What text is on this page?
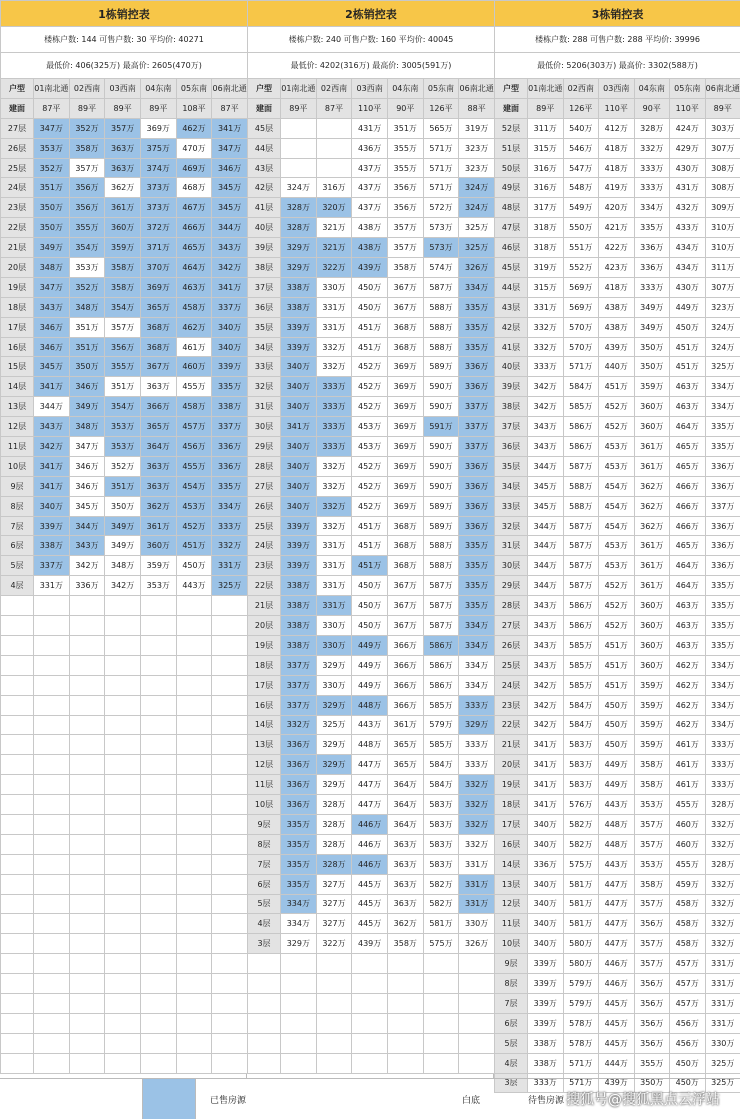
1栋销控表						
楼栋户数: 144 可售户数: 30 平均价: 40271						
最低价: 406(325万) 最高价: 2605(470万)						
户型	01南北通	02西南	03西南	04东南	05东南	06南北通
建面	87平	89平	89平	89平	108平	87平
27层	347万	352万	357万	369万	462万	341万
26层	353万	358万	363万	375万	470万	347万
25层	352万	357万	363万	374万	469万	346万
24层	351万	356万	362万	373万	468万	345万
23层	350万	356万	361万	373万	467万	345万
22层	350万	355万	360万	372万	466万	344万
21层	349万	354万	359万	371万	465万	343万
20层	348万	353万	358万	370万	464万	342万
19层	347万	352万	358万	369万	463万	341万
18层	343万	348万	354万	365万	458万	337万
17层	346万	351万	357万	368万	462万	340万
16层	346万	351万	356万	368万	461万	340万
15层	345万	350万	355万	367万	460万	339万
14层	341万	346万	351万	363万	455万	335万
13层	344万	349万	354万	366万	458万	338万
12层	343万	348万	353万	365万	457万	337万
11层	342万	347万	353万	364万	456万	336万
10层	341万	346万	352万	363万	455万	336万
9层	341万	346万	351万	363万	454万	335万
8层	340万	345万	350万	362万	453万	334万
7层	339万	344万	349万	361万	452万	333万
6层	338万	343万	349万	360万	451万	332万
5层	337万	342万	348万	359万	450万	331万
4层	331万	336万	342万	353万	443万	325万

2栋销控表						
楼栋户数: 240 可售户数: 160 平均价: 40045						
最低价: 4202(316万) 最高价: 3005(591万)						
户型	01南北通	02西南	03西南	04东南	05东南	06南北通
建面	89平	87平	110平	90平	126平	88平
45层			431万	351万	565万	319万
44层			436万	355万	571万	323万
43层			437万	355万	571万	323万
42层	324万	316万	437万	356万	571万	324万
41层	328万	320万	437万	356万	572万	324万
40层	328万	321万	438万	357万	573万	325万
39层	329万	321万	438万	357万	573万	325万
38层	329万	322万	439万	358万	574万	326万
37层	338万	330万	450万	367万	587万	334万
36层	338万	331万	450万	367万	588万	335万
35层	339万	331万	451万	368万	588万	335万
34层	339万	332万	451万	368万	588万	335万
33层	340万	332万	452万	369万	589万	336万
32层	340万	333万	452万	369万	590万	336万
31层	340万	333万	452万	369万	590万	337万
30层	341万	333万	453万	369万	591万	337万
29层	340万	333万	453万	369万	590万	337万
28层	340万	332万	452万	369万	590万	336万
27层	340万	332万	452万	369万	590万	336万
26层	340万	332万	452万	369万	589万	336万
25层	339万	332万	451万	368万	589万	336万
24层	339万	331万	451万	368万	588万	335万
23层	339万	331万	451万	368万	588万	335万
22层	338万	331万	450万	367万	587万	335万
21层	338万	331万	450万	367万	587万	335万
20层	338万	330万	450万	367万	587万	334万
19层	338万	330万	449万	366万	586万	334万
18层	337万	329万	449万	366万	586万	334万
17层	337万	330万	449万	366万	586万	334万
16层	337万	329万	448万	366万	585万	333万
14层	332万	325万	443万	361万	579万	329万
13层	336万	329万	448万	365万	585万	333万
12层	336万	329万	447万	365万	584万	333万
11层	336万	329万	447万	364万	584万	332万
10层	336万	328万	447万	364万	583万	332万
9层	335万	328万	446万	364万	583万	332万
8层	335万	328万	446万	363万	583万	332万
7层	335万	328万	446万	363万	583万	331万
6层	335万	327万	445万	363万	582万	331万
5层	334万	327万	445万	363万	582万	331万
4层	334万	327万	445万	362万	581万	330万
3层	329万	322万	439万	358万	575万	326万

3栋销控表						
楼栋户数: 288 可售户数: 288 平均价: 39996						
最低价: 5206(303万) 最高价: 3302(588万)						
户型	01南北通	02西南	03西南	04东南	05东南	06南北通
建面	89平	126平	110平	90平	110平	89平
52层	311万	540万	412万	328万	424万	303万
51层	315万	546万	418万	332万	429万	307万
50层	316万	547万	418万	333万	430万	308万
49层	316万	548万	419万	333万	431万	308万
48层	317万	549万	420万	334万	432万	309万
47层	318万	550万	421万	335万	433万	310万
46层	318万	551万	422万	336万	434万	310万
45层	319万	552万	423万	336万	434万	311万
44层	315万	569万	418万	333万	430万	307万
43层	331万	569万	438万	349万	449万	323万
42层	332万	570万	438万	349万	450万	324万
41层	332万	570万	439万	350万	451万	324万
40层	333万	571万	440万	350万	451万	325万
39层	342万	584万	451万	359万	463万	334万
38层	342万	585万	452万	360万	463万	334万
37层	343万	586万	452万	360万	464万	335万
36层	343万	586万	453万	361万	465万	335万
35层	344万	587万	453万	361万	465万	336万
34层	345万	588万	454万	362万	466万	336万
33层	345万	588万	454万	362万	466万	337万
32层	344万	587万	454万	362万	466万	336万
31层	344万	587万	453万	361万	465万	336万
30层	344万	587万	453万	361万	464万	336万
29层	344万	587万	452万	361万	464万	335万
28层	343万	586万	452万	360万	463万	335万
27层	343万	586万	452万	360万	463万	335万
26层	343万	585万	451万	360万	463万	335万
25层	343万	585万	451万	360万	462万	334万
24层	342万	585万	451万	359万	462万	334万
23层	342万	584万	450万	359万	462万	334万
22层	342万	584万	450万	359万	462万	334万
21层	341万	583万	450万	359万	461万	333万
20层	341万	583万	449万	358万	461万	333万
19层	341万	583万	449万	358万	461万	333万
18层	341万	576万	443万	353万	455万	328万
17层	340万	582万	448万	357万	460万	332万
16层	340万	582万	448万	357万	460万	332万
14层	336万	575万	443万	353万	455万	328万
13层	340万	581万	447万	358万	459万	332万
12层	340万	581万	447万	357万	458万	332万
11层	340万	581万	447万	356万	458万	332万
10层	340万	580万	447万	357万	458万	332万
9层	339万	580万	446万	357万	457万	331万
8层	339万	579万	446万	356万	457万	331万
7层	339万	579万	445万	356万	457万	331万
6层	339万	578万	445万	356万	456万	331万
5层	338万	578万	445万	356万	456万	330万
4层	338万	571万	444万	355万	450万	325万
3层	333万	571万	439万	350万	450万	325万
已售房源	白底	待售房源 搜狐号@搜狐黑点云浮站
